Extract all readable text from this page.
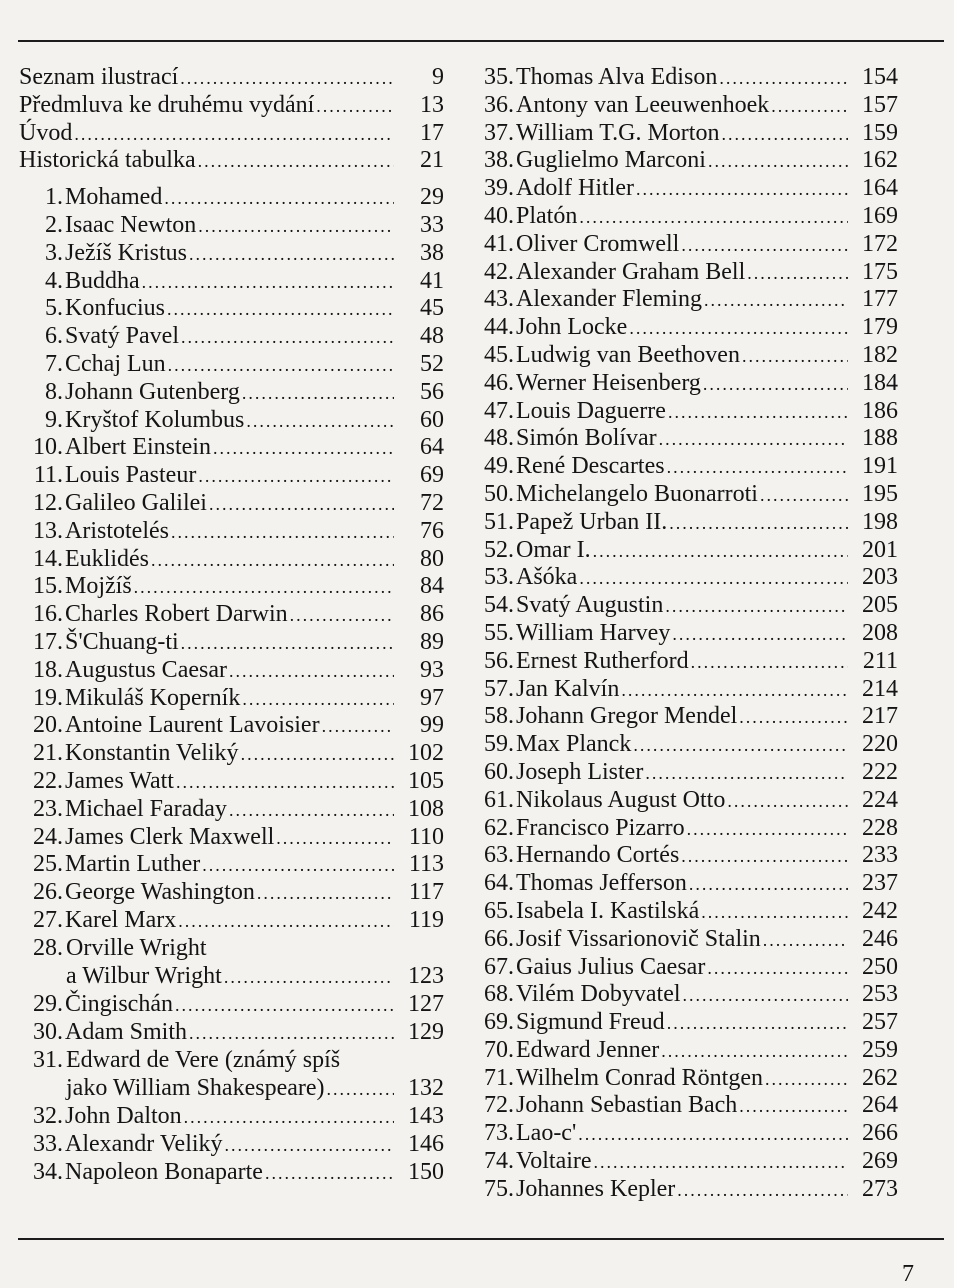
Seznam ilustrací .....	9
Předmluva ke druhému vydání .....	13
Úvod .....	17
Historická tabulka .....	21
1. Mohamed .....	29
2. Isaac Newton .....	33
3. Ježíš Kristus .....	38
4. Buddha .....	41
5. Konfucius .....	45
6. Svatý Pavel .....	48
7. Cchaj Lun .....	52
8. Johann Gutenberg .....	56
9. Kryštof Kolumbus .....	60
10. Albert Einstein .....	64
11. Louis Pasteur .....	69
12. Galileo Galilei .....	72
13. Aristotelés .....	76
14. Euklidés .....	80
15. Mojžíš .....	84
16. Charles Robert Darwin .....	86
17. Š'Chuang-ti .....	89
18. Augustus Caesar .....	93
19. Mikuláš Koperník .....	97
20. Antoine Laurent Lavoisier .....	99
21. Konstantin Veliký .....	102
22. James Watt .....	105
23. Michael Faraday .....	108
24. James Clerk Maxwell .....	110
25. Martin Luther .....	113
26. George Washington .....	117
27. Karel Marx .....	119
28. Orville Wright
a Wilbur Wright .....	123
29. Čingischán .....	127
30. Adam Smith .....	129
31. Edward de Vere (známý spíš
jako William Shakespeare) .....	132
32. John Dalton .....	143
33. Alexandr Veliký .....	146
34. Napoleon Bonaparte .....	150
35. Thomas Alva Edison .....	154
36. Antony van Leeuwenhoek .....	157
37. William T.G. Morton .....	159
38. Guglielmo Marconi .....	162
39. Adolf Hitler .....	164
40. Platón .....	169
41. Oliver Cromwell .....	172
42. Alexander Graham Bell .....	175
43. Alexander Fleming .....	177
44. John Locke .....	179
45. Ludwig van Beethoven .....	182
46. Werner Heisenberg .....	184
47. Louis Daguerre .....	186
48. Simón Bolívar .....	188
49. René Descartes .....	191
50. Michelangelo Buonarroti .....	195
51. Papež Urban II. .....	198
52. Omar I. .....	201
53. Ašóka .....	203
54. Svatý Augustin .....	205
55. William Harvey .....	208
56. Ernest Rutherford .....	211
57. Jan Kalvín .....	214
58. Johann Gregor Mendel .....	217
59. Max Planck .....	220
60. Joseph Lister .....	222
61. Nikolaus August Otto .....	224
62. Francisco Pizarro .....	228
63. Hernando Cortés .....	233
64. Thomas Jefferson .....	237
65. Isabela I. Kastilská .....	242
66. Josif Vissarionovič Stalin .....	246
67. Gaius Julius Caesar .....	250
68. Vilém Dobyvatel .....	253
69. Sigmund Freud .....	257
70. Edward Jenner .....	259
71. Wilhelm Conrad Röntgen .....	262
72. Johann Sebastian Bach .....	264
73. Lao-c' .....	266
74. Voltaire .....	269
75. Johannes Kepler .....	273
7
